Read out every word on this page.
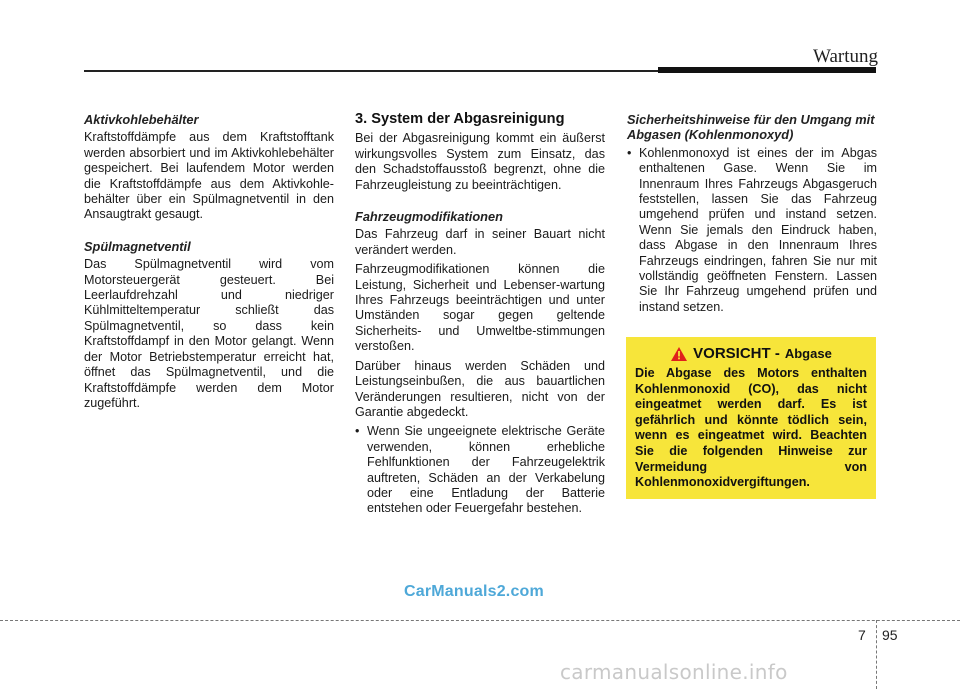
Wartung
Aktivkohlebehälter

Kraftstoffdämpfe aus dem Kraftstofftank werden absorbiert und im Aktivkohlebehälter gespeichert. Bei laufendem Motor werden die Kraftstoffdämpfe aus dem Aktivkohle-behälter über ein Spülmagnetventil in den Ansaugtrakt gesaugt.

Spülmagnetventil

Das Spülmagnetventil wird vom Motorsteuergerät gesteuert. Bei Leerlaufdrehzahl und niedriger Kühlmitteltemperatur schließt das Spülmagnetventil, so dass kein Kraftstoffdampf in den Motor gelangt. Wenn der Motor Betriebstemperatur erreicht hat, öffnet das Spülmagnetventil, und die Kraftstoffdämpfe werden dem Motor zugeführt.

3. System der Abgasreinigung

Bei der Abgasreinigung kommt ein äußerst wirkungsvolles System zum Einsatz, das den Schadstoffausstoß begrenzt, ohne die Fahrzeugleistung zu beeinträchtigen.

Fahrzeugmodifikationen

Das Fahrzeug darf in seiner Bauart nicht verändert werden.

Fahrzeugmodifikationen können die Leistung, Sicherheit und Lebenser-wartung Ihres Fahrzeugs beeinträchtigen und unter Umständen sogar gegen geltende Sicherheits- und Umweltbe-stimmungen verstoßen.

Darüber hinaus werden Schäden und Leistungseinbußen, die aus bauartlichen Veränderungen resultieren, nicht von der Garantie abgedeckt.

• Wenn Sie ungeeignete elektrische Geräte verwenden, können erhebliche Fehlfunktionen der Fahrzeugelektrik auftreten, Schäden an der Verkabelung oder eine Entladung der Batterie entstehen oder Feuergefahr bestehen.
Sicherheitshinweise für den Umgang mit Abgasen (Kohlenmonoxyd)
• Kohlenmonoxyd ist eines der im Abgas enthaltenen Gase. Wenn Sie im Innenraum Ihres Fahrzeugs Abgasgeruch feststellen, lassen Sie das Fahrzeug umgehend prüfen und instand setzen. Wenn Sie jemals den Eindruck haben, dass Abgase in den Innenraum Ihres Fahrzeugs eindringen, fahren Sie nur mit vollständig geöffneten Fenstern. Lassen Sie Ihr Fahrzeug umgehend prüfen und instand setzen.
VORSICHT - Abgase
Die Abgase des Motors enthalten Kohlenmonoxid (CO), das nicht eingeatmet werden darf. Es ist gefährlich und könnte tödlich sein, wenn es eingeatmet wird. Beachten Sie die folgenden Hinweise zur Vermeidung von Kohlenmonoxidvergiftungen.
CarManuals2.com
7 95
carmanualsonline.info
